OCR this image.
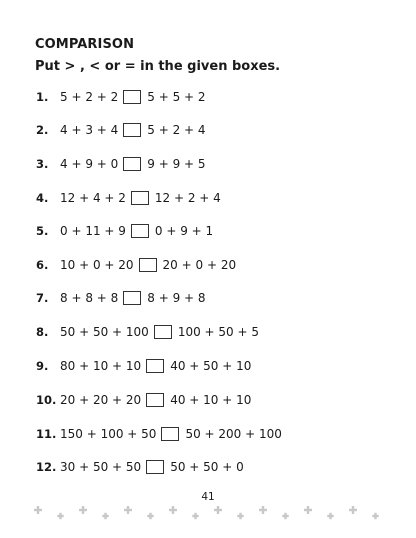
COMPARISON
Put > , < or = in the given boxes.
1. 5 + 2 + 2 5 + 5 + 2
2. 4 + 3 + 4 5 + 2 + 4
3. 4 + 9 + 0 9 + 9 + 5
4. 12 + 4 + 2 12 + 2 + 4
5. 0 + 11 + 9 0 + 9 + 1
6. 10 + 0 + 20 20 + 0 + 20
7. 8 + 8 + 8 8 + 9 + 8
8. 50 + 50 + 100 100 + 50 + 5
9. 80 + 10 + 10 40 + 50 + 10
10. 20 + 20 + 20 40 + 10 + 10
11. 150 + 100 + 50 50 + 200 + 100
12. 30 + 50 + 50 50 + 50 + 0
41
